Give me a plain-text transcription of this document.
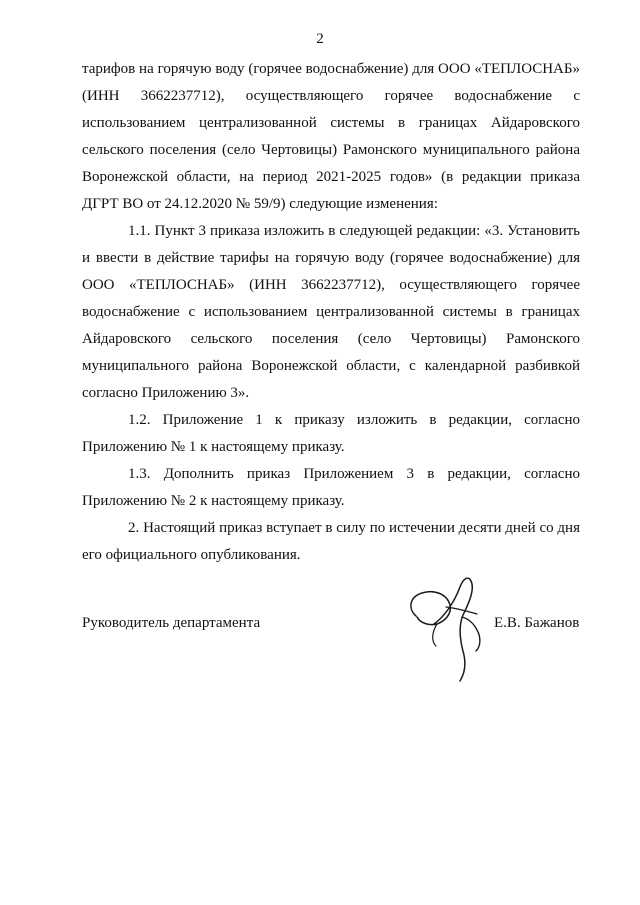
2
тарифов на горячую воду (горячее водоснабжение) для ООО «ТЕПЛОСНАБ»
(ИНН 3662237712), осуществляющего горячее водоснабжение с
использованием централизованной системы в границах Айдаровского
сельского поселения (село Чертовицы) Рамонского муниципального района
Воронежской области, на период 2021-2025 годов» (в редакции приказа
ДГРТ ВО от 24.12.2020 № 59/9) следующие изменения:
1.1. Пункт 3 приказа изложить в следующей редакции: «3. Установить
и ввести в действие тарифы на горячую воду (горячее водоснабжение) для
ООО «ТЕПЛОСНАБ» (ИНН 3662237712), осуществляющего горячее
водоснабжение с использованием централизованной системы в границах
Айдаровского сельского поселения (село Чертовицы) Рамонского
муниципального района Воронежской области, с календарной разбивкой
согласно Приложению 3».
1.2. Приложение 1 к приказу изложить в редакции, согласно
Приложению № 1 к настоящему приказу.
1.3. Дополнить приказ Приложением 3 в редакции, согласно
Приложению № 2 к настоящему приказу.
2. Настоящий приказ вступает в силу по истечении десяти дней со дня
его официального опубликования.
Руководитель департамента	Е.В. Бажанов
